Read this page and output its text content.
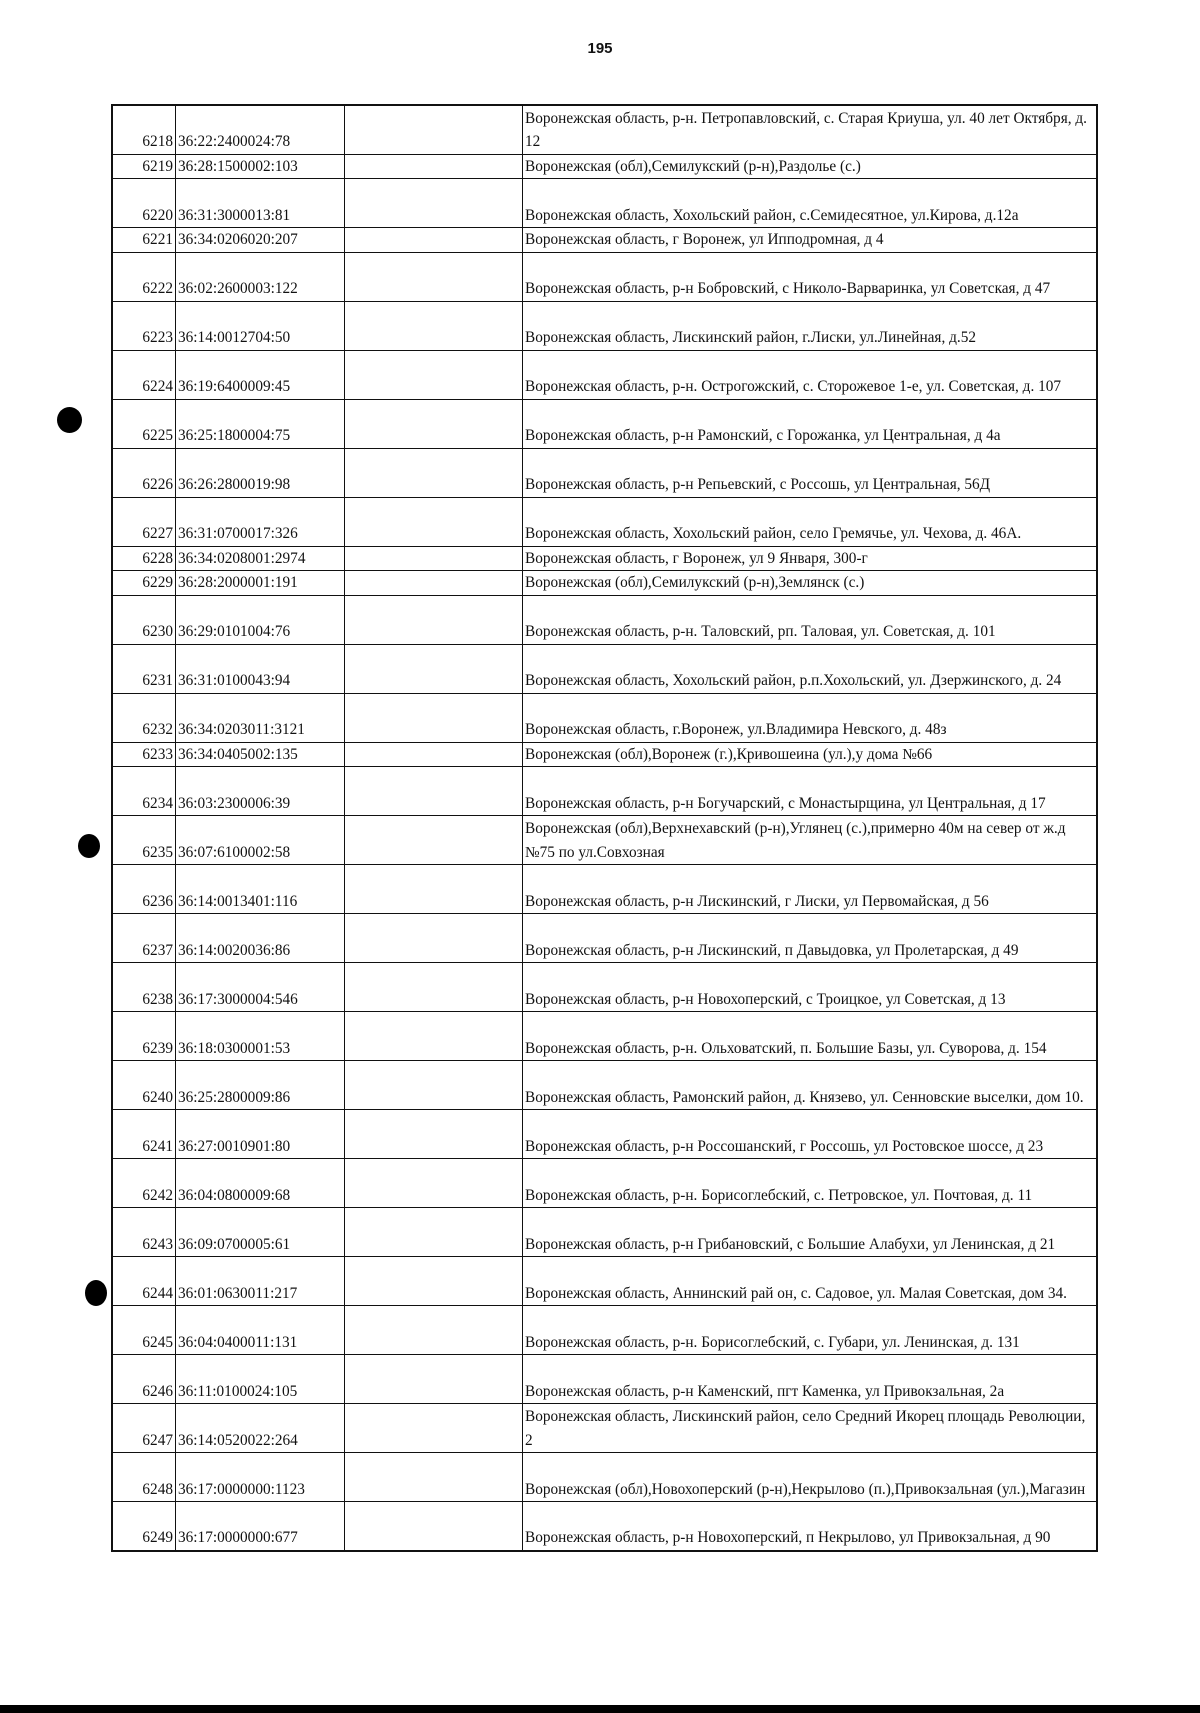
195
6218	36:22:2400024:78		Воронежская область, р-н. Петропавловский, с. Старая Криуша, ул. 40 лет Октября, д. 12
6219	36:28:1500002:103		Воронежская (обл),Семилукский (р-н),Раздолье (с.)
6220	36:31:3000013:81		Воронежская область, Хохольский район, с.Семидесятное, ул.Кирова, д.12а
6221	36:34:0206020:207		Воронежская область, г Воронеж, ул Ипподромная, д 4
6222	36:02:2600003:122		Воронежская область, р-н Бобровский, с Николо-Варваринка, ул Советская, д 47
6223	36:14:0012704:50		Воронежская область, Лискинский район, г.Лиски, ул.Линейная, д.52
6224	36:19:6400009:45		Воронежская область, р-н. Острогожский, с. Сторожевое 1-е, ул. Советская, д. 107
6225	36:25:1800004:75		Воронежская область, р-н Рамонский, с Горожанка, ул Центральная, д 4а
6226	36:26:2800019:98		Воронежская область, р-н Репьевский, с Россошь, ул Центральная, 56Д
6227	36:31:0700017:326		Воронежская область, Хохольский район, село Гремячье, ул. Чехова, д. 46А.
6228	36:34:0208001:2974		Воронежская область, г Воронеж, ул 9 Января, 300-г
6229	36:28:2000001:191		Воронежская (обл),Семилукский (р-н),Землянск (с.)
6230	36:29:0101004:76		Воронежская область, р-н. Таловский, рп. Таловая, ул. Советская, д. 101
6231	36:31:0100043:94		Воронежская область, Хохольский район, р.п.Хохольский, ул. Дзержинского, д. 24
6232	36:34:0203011:3121		Воронежская область, г.Воронеж, ул.Владимира Невского, д. 48з
6233	36:34:0405002:135		Воронежская (обл),Воронеж (г.),Кривошеина (ул.),у дома №66
6234	36:03:2300006:39		Воронежская область, р-н Богучарский, с Монастырщина, ул Центральная, д 17
6235	36:07:6100002:58		Воронежская (обл),Верхнехавский (р-н),Углянец (с.),примерно 40м на север от ж.д №75 по ул.Совхозная
6236	36:14:0013401:116		Воронежская область, р-н Лискинский, г Лиски, ул Первомайская, д 56
6237	36:14:0020036:86		Воронежская область, р-н Лискинский, п Давыдовка, ул Пролетарская, д 49
6238	36:17:3000004:546		Воронежская область, р-н Новохоперский, с Троицкое, ул Советская, д 13
6239	36:18:0300001:53		Воронежская область, р-н. Ольховатский, п. Большие Базы, ул. Суворова, д. 154
6240	36:25:2800009:86		Воронежская область, Рамонский район, д. Князево, ул. Сенновские выселки, дом 10.
6241	36:27:0010901:80		Воронежская область, р-н Россошанский, г Россошь, ул Ростовское шоссе, д 23
6242	36:04:0800009:68		Воронежская область, р-н. Борисоглебский, с. Петровское, ул. Почтовая, д. 11
6243	36:09:0700005:61		Воронежская область, р-н Грибановский, с Большие Алабухи, ул Ленинская, д 21
6244	36:01:0630011:217		Воронежская область, Аннинский рай он, с. Садовое, ул. Малая Советская, дом 34.
6245	36:04:0400011:131		Воронежская область, р-н. Борисоглебский, с. Губари, ул. Ленинская, д. 131
6246	36:11:0100024:105		Воронежская область, р-н Каменский, пгт Каменка, ул Привокзальная, 2а
6247	36:14:0520022:264		Воронежская область, Лискинский район, село Средний Икорец площадь Революции, 2
6248	36:17:0000000:1123		Воронежская (обл),Новохоперский (р-н),Некрылово (п.),Привокзальная (ул.),Магазин
6249	36:17:0000000:677		Воронежская область, р-н Новохоперский, п Некрылово, ул Привокзальная, д 90
